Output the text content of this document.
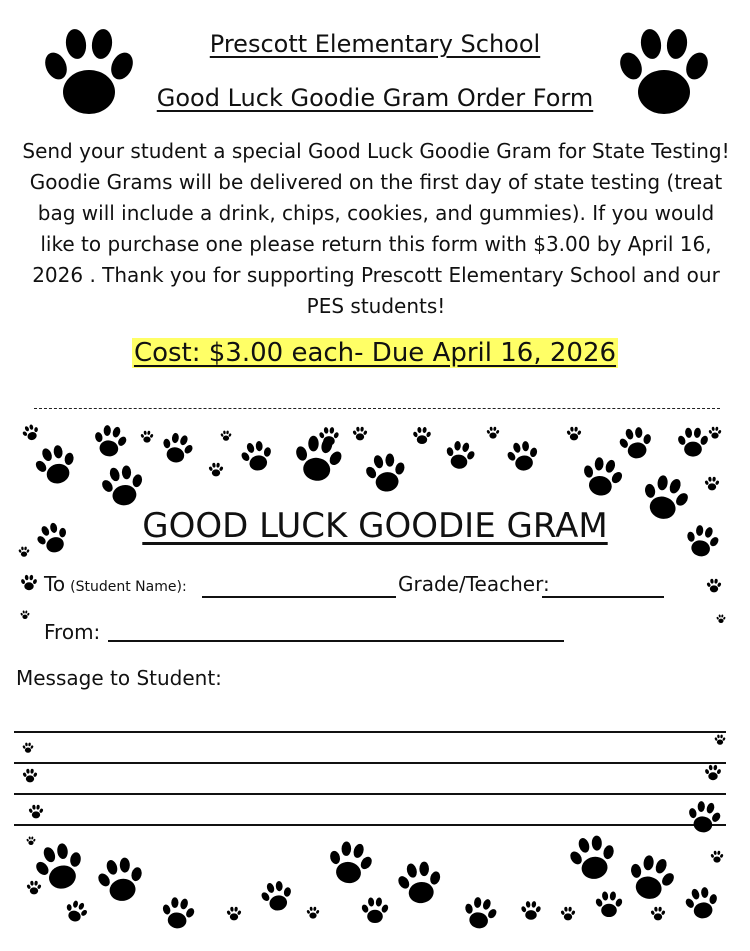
Prescott Elementary School
Good Luck Goodie Gram Order Form
Send your student a special Good Luck Goodie Gram for State Testing! Goodie Grams will be delivered on the first day of state testing (treat bag will include a drink, chips, cookies, and gummies). If you would like to purchase one please return this form with $3.00 by April 16, 2026 . Thank you for supporting Prescott Elementary School and our PES students!
Cost: $3.00 each- Due April 16, 2026
GOOD LUCK GOODIE GRAM
To (Student Name):	Grade/Teacher:
From:
Message to Student:
